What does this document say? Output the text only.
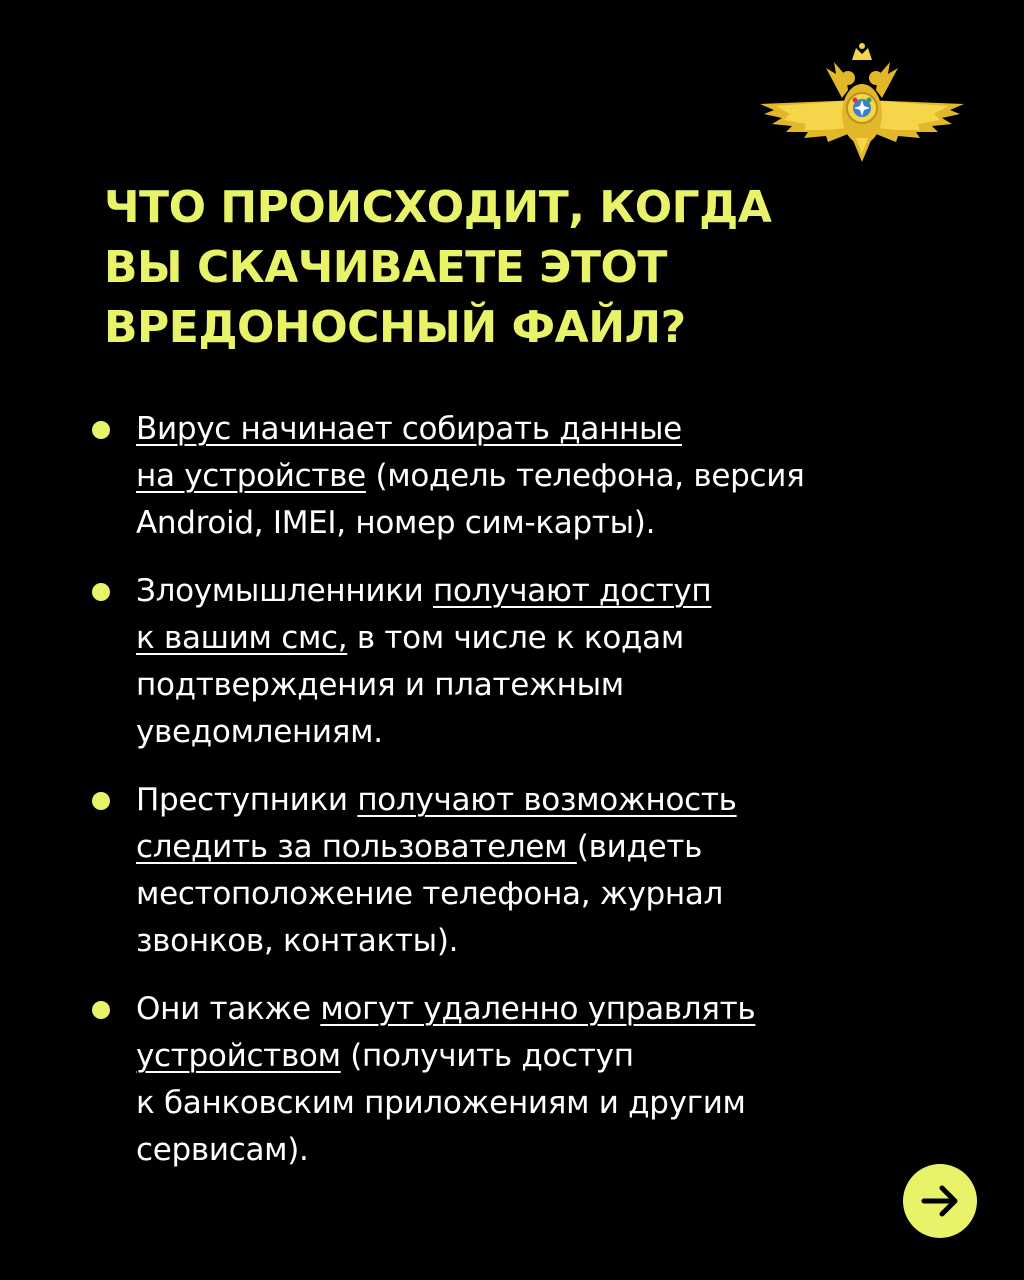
ЧТО ПРОИСХОДИТ, КОГДА
ВЫ СКАЧИВАЕТЕ ЭТОТ
ВРЕДОНОСНЫЙ ФАЙЛ?
Вирус начинает собирать данные
на устройстве (модель телефона, версия
Android, IMEI, номер сим-карты).
Злоумышленники получают доступ
к вашим смс, в том числе к кодам
подтверждения и платежным
уведомлениям.
Преступники получают возможность
следить за пользователем (видеть
местоположение телефона, журнал
звонков, контакты).
Они также могут удаленно управлять
устройством (получить доступ
к банковским приложениям и другим
сервисам).
